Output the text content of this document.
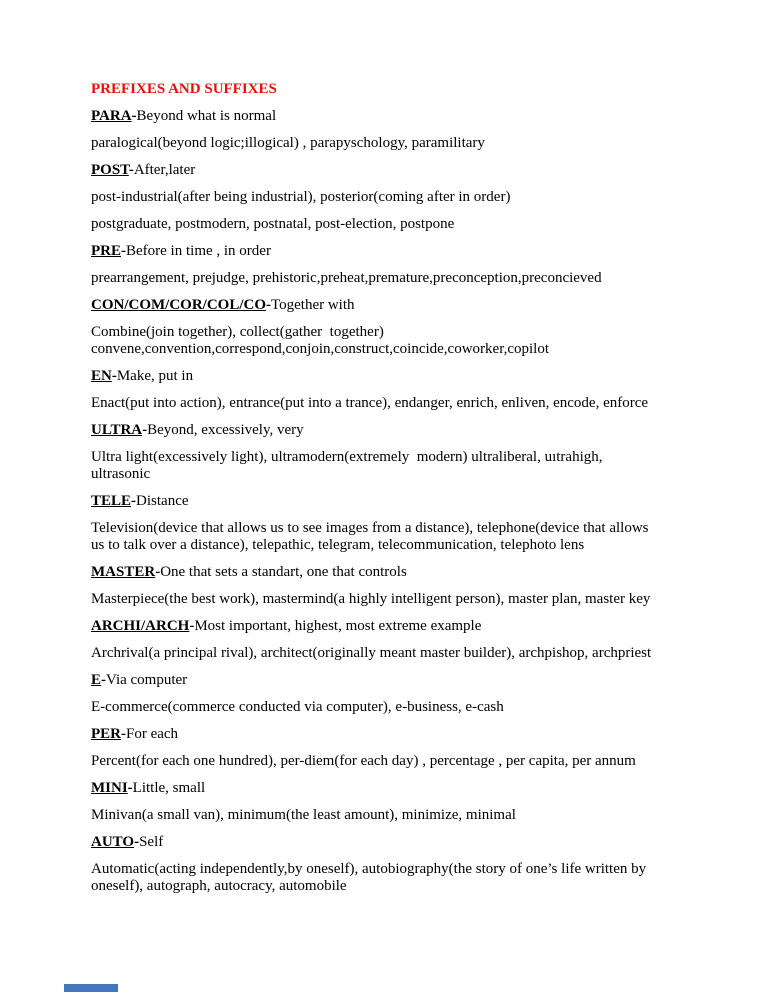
PREFIXES AND SUFFIXES
PARA-Beyond what is normal
paralogical(beyond logic;illogical) , parapyschology, paramilitary
POST-After,later
post-industrial(after being industrial), posterior(coming after in order)
postgraduate, postmodern, postnatal, post-election, postpone
PRE-Before in time , in order
prearrangement, prejudge, prehistoric,preheat,premature,preconception,preconcieved
CON/COM/COR/COL/CO-Together with
Combine(join together), collect(gather  together)
convene,convention,correspond,conjoin,construct,coincide,coworker,copilot
EN-Make, put in
Enact(put into action), entrance(put into a trance), endanger, enrich, enliven, encode, enforce
ULTRA-Beyond, excessively, very
Ultra light(excessively light), ultramodern(extremely  modern) ultraliberal, uıtrahigh,
ultrasonic
TELE-Distance
Television(device that allows us to see images from a distance), telephone(device that allows
us to talk over a distance), telepathic, telegram, telecommunication, telephoto lens
MASTER-One that sets a standart, one that controls
Masterpiece(the best work), mastermind(a highly intelligent person), master plan, master key
ARCHI/ARCH-Most important, highest, most extreme example
Archrival(a principal rival), architect(originally meant master builder), archpishop, archpriest
E-Via computer
E-commerce(commerce conducted via computer), e-business, e-cash
PER-For each
Percent(for each one hundred), per-diem(for each day) , percentage , per capita, per annum
MINI-Little, small
Minivan(a small van), minimum(the least amount), minimize, minimal
AUTO-Self
Automatic(acting independently,by oneself), autobiography(the story of one’s life written by
oneself), autograph, autocracy, automobile
